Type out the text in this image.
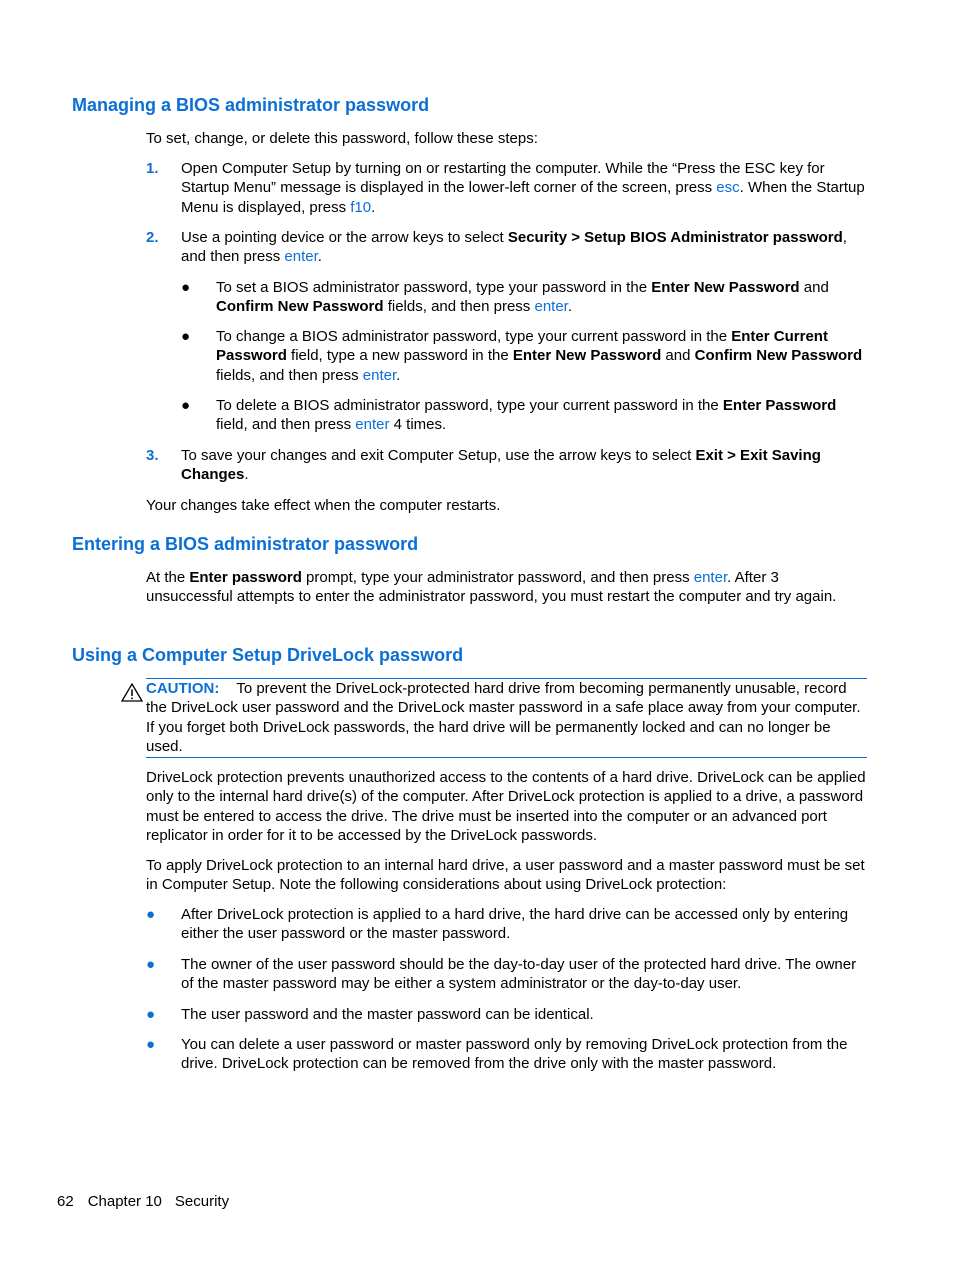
Managing a BIOS administrator password

To set, change, or delete this password, follow these steps:

1. Open Computer Setup by turning on or restarting the computer. While the “Press the ESC key for Startup Menu” message is displayed in the lower-left corner of the screen, press esc. When the Startup Menu is displayed, press f10.

2. Use a pointing device or the arrow keys to select Security > Setup BIOS Administrator password, and then press enter.

● To set a BIOS administrator password, type your password in the Enter New Password and Confirm New Password fields, and then press enter.

● To change a BIOS administrator password, type your current password in the Enter Current Password field, type a new password in the Enter New Password and Confirm New Password fields, and then press enter.

● To delete a BIOS administrator password, type your current password in the Enter Password field, and then press enter 4 times.

3. To save your changes and exit Computer Setup, use the arrow keys to select Exit > Exit Saving Changes.

Your changes take effect when the computer restarts.

Entering a BIOS administrator password

At the Enter password prompt, type your administrator password, and then press enter. After 3 unsuccessful attempts to enter the administrator password, you must restart the computer and try again.

Using a Computer Setup DriveLock password

CAUTION: To prevent the DriveLock-protected hard drive from becoming permanently unusable, record the DriveLock user password and the DriveLock master password in a safe place away from your computer. If you forget both DriveLock passwords, the hard drive will be permanently locked and can no longer be used.

DriveLock protection prevents unauthorized access to the contents of a hard drive. DriveLock can be applied only to the internal hard drive(s) of the computer. After DriveLock protection is applied to a drive, a password must be entered to access the drive. The drive must be inserted into the computer or an advanced port replicator in order for it to be accessed by the DriveLock passwords.

To apply DriveLock protection to an internal hard drive, a user password and a master password must be set in Computer Setup. Note the following considerations about using DriveLock protection:

● After DriveLock protection is applied to a hard drive, the hard drive can be accessed only by entering either the user password or the master password.

● The owner of the user password should be the day-to-day user of the protected hard drive. The owner of the master password may be either a system administrator or the day-to-day user.

● The user password and the master password can be identical.

● You can delete a user password or master password only by removing DriveLock protection from the drive. DriveLock protection can be removed from the drive only with the master password.

62 Chapter 10 Security
